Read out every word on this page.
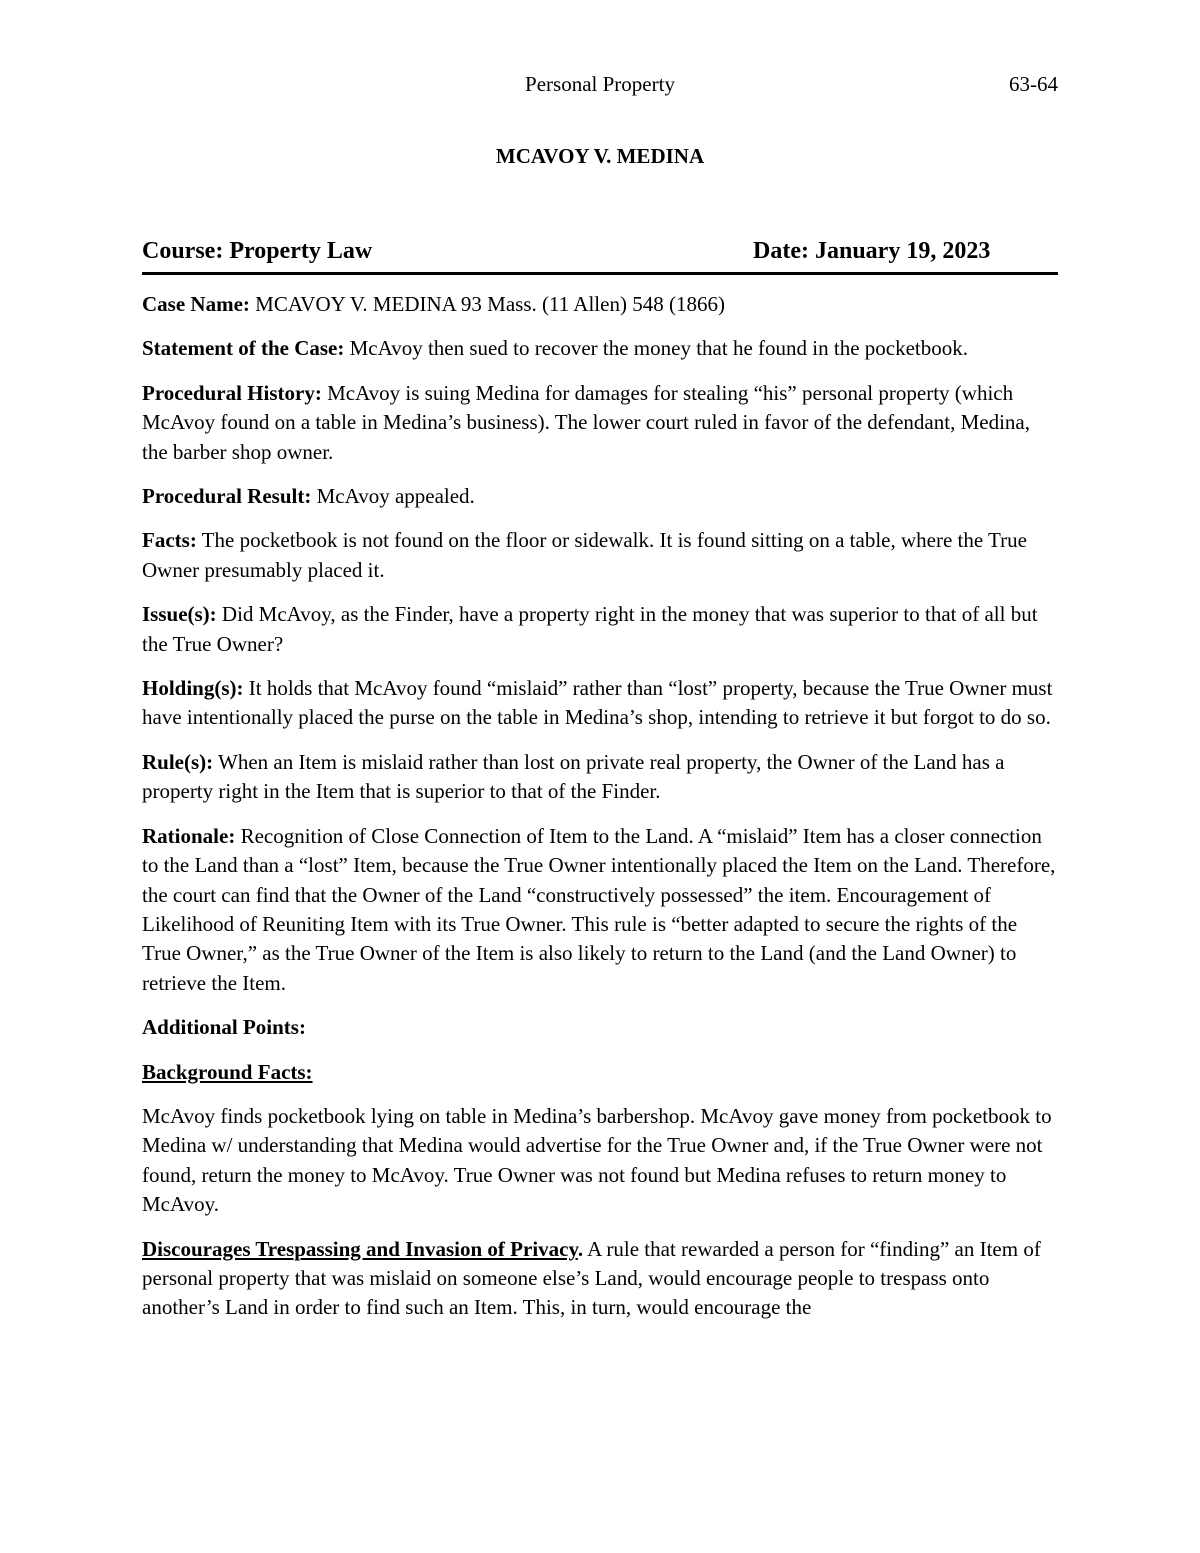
Personal Property	63-64
MCAVOY V. MEDINA
Course: Property Law	Date: January 19, 2023

Case Name: MCAVOY V. MEDINA 93 Mass. (11 Allen) 548 (1866)

Statement of the Case: McAvoy then sued to recover the money that he found in the pocketbook.

Procedural History: McAvoy is suing Medina for damages for stealing “his” personal property (which McAvoy found on a table in Medina’s business). The lower court ruled in favor of the defendant, Medina, the barber shop owner.

Procedural Result: McAvoy appealed.

Facts: The pocketbook is not found on the floor or sidewalk. It is found sitting on a table, where the True Owner presumably placed it.

Issue(s): Did McAvoy, as the Finder, have a property right in the money that was superior to that of all but the True Owner?

Holding(s): It holds that McAvoy found “mislaid” rather than “lost” property, because the True Owner must have intentionally placed the purse on the table in Medina’s shop, intending to retrieve it but forgot to do so.

Rule(s): When an Item is mislaid rather than lost on private real property, the Owner of the Land has a property right in the Item that is superior to that of the Finder.

Rationale: Recognition of Close Connection of Item to the Land. A “mislaid” Item has a closer connection to the Land than a “lost” Item, because the True Owner intentionally placed the Item on the Land. Therefore, the court can find that the Owner of the Land “constructively possessed” the item. Encouragement of Likelihood of Reuniting Item with its True Owner. This rule is “better adapted to secure the rights of the True Owner,” as the True Owner of the Item is also likely to return to the Land (and the Land Owner) to retrieve the Item.

Additional Points:

Background Facts:

McAvoy finds pocketbook lying on table in Medina’s barbershop. McAvoy gave money from pocketbook to Medina w/ understanding that Medina would advertise for the True Owner and, if the True Owner were not found, return the money to McAvoy. True Owner was not found but Medina refuses to return money to McAvoy.

Discourages Trespassing and Invasion of Privacy. A rule that rewarded a person for “finding” an Item of personal property that was mislaid on someone else’s Land, would encourage people to trespass onto another’s Land in order to find such an Item. This, in turn, would encourage the
